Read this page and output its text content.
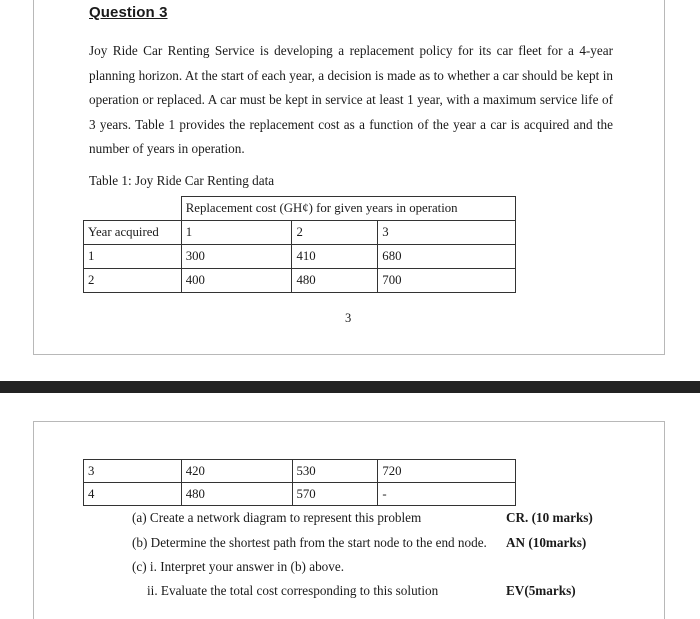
Question 3
Joy Ride Car Renting Service is developing a replacement policy for its car fleet for a 4-year planning horizon. At the start of each year, a decision is made as to whether a car should be kept in operation or replaced. A car must be kept in service at least 1 year, with a maximum service life of 3 years. Table 1 provides the replacement cost as a function of the year a car is acquired and the number of years in operation.
Table 1: Joy Ride Car Renting data
	Replacement cost (GH¢) for given years in operation		
Year acquired	1	2	3
1	300	410	680
2	400	480	700
3
3	420	530	720
4	480	570	-
(a) Create a network diagram to represent this problem	CR. (10 marks)
(b) Determine the shortest path from the start node to the end node. AN (10marks)
(c) i. Interpret your answer in (b) above.
ii. Evaluate the total cost corresponding to this solution	EV(5marks)
